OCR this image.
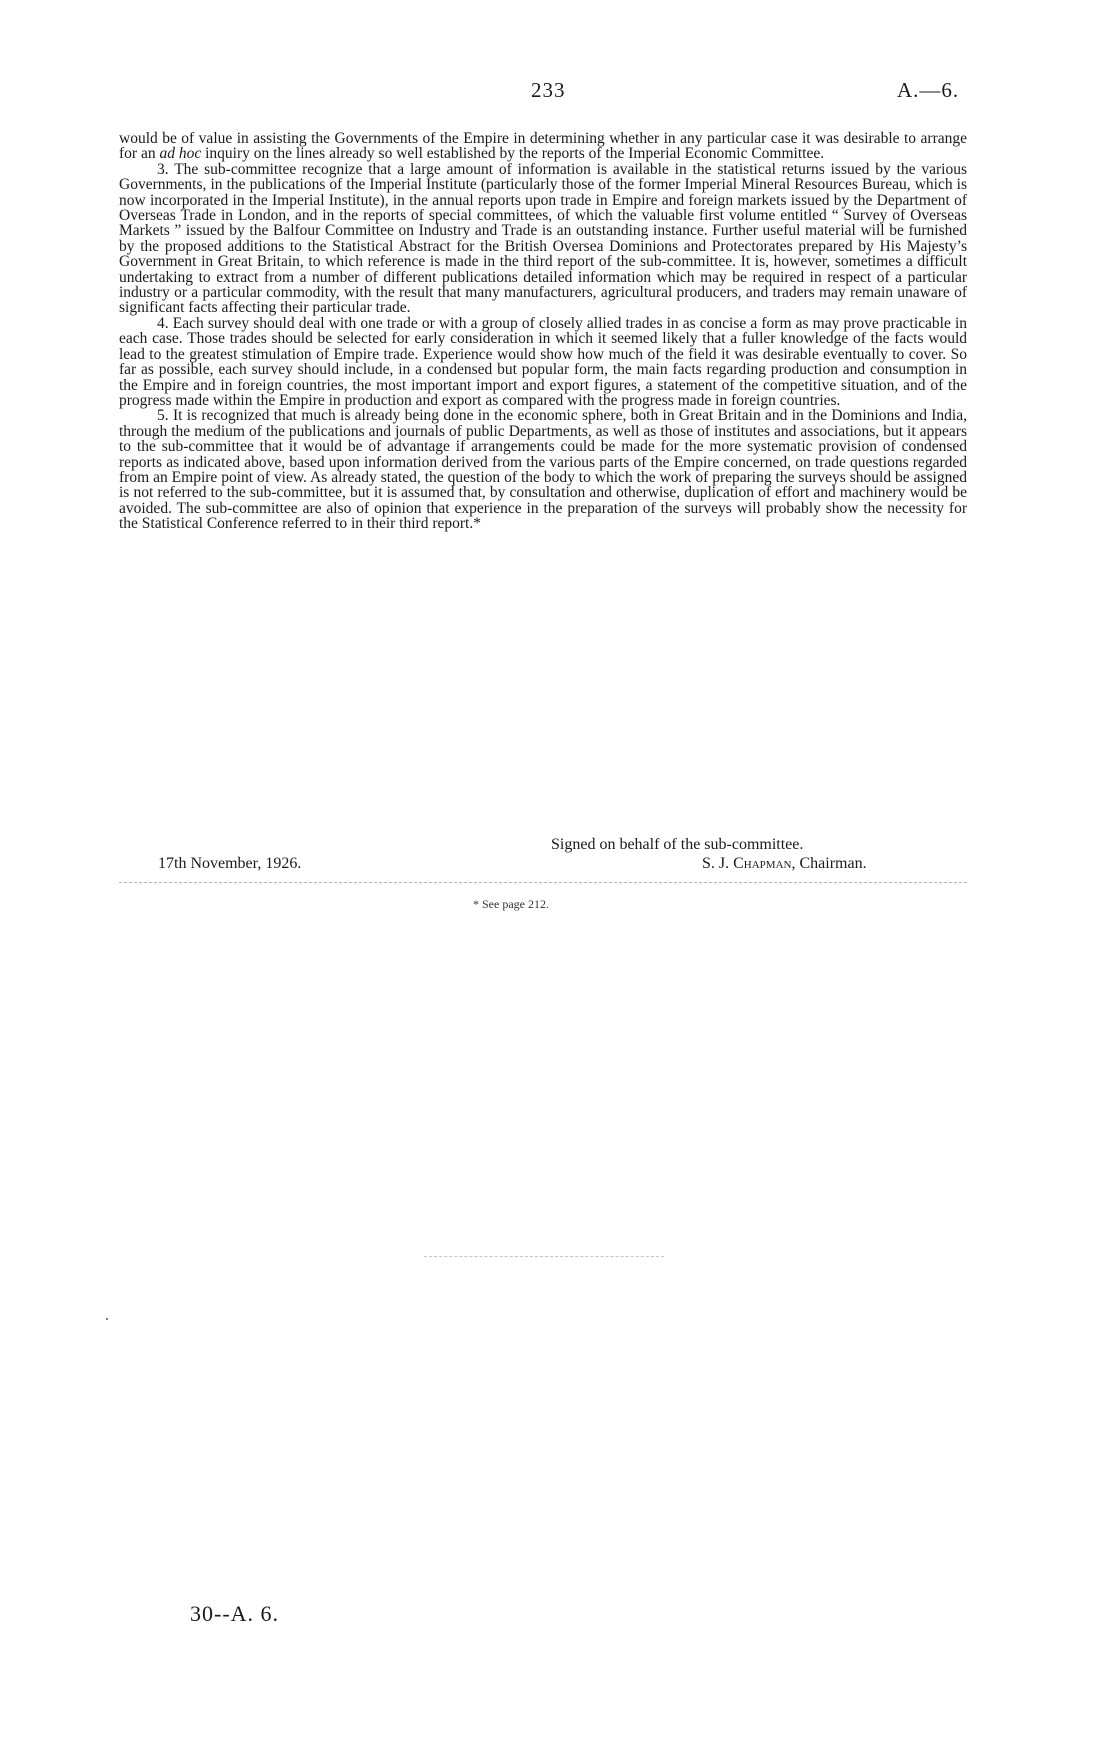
233	A.—6.

would be of value in assisting the Governments of the Empire in determining whether in any particular case it was desirable to arrange for an ad hoc inquiry on the lines already so well established by the reports of the Imperial Economic Committee.

3. The sub-committee recognize that a large amount of information is available in the statistical returns issued by the various Governments, in the publications of the Imperial Institute (particularly those of the former Imperial Mineral Resources Bureau, which is now incorporated in the Imperial Institute), in the annual reports upon trade in Empire and foreign markets issued by the Department of Overseas Trade in London, and in the reports of special committees, of which the valuable first volume entitled “ Survey of Overseas Markets ” issued by the Balfour Committee on Industry and Trade is an outstanding instance. Further useful material will be furnished by the proposed additions to the Statistical Abstract for the British Oversea Dominions and Protectorates prepared by His Majesty’s Government in Great Britain, to which reference is made in the third report of the sub-committee. It is, however, sometimes a difficult undertaking to extract from a number of different publications detailed information which may be required in respect of a particular industry or a particular commodity, with the result that many manufacturers, agricultural producers, and traders may remain unaware of significant facts affecting their particular trade.

4. Each survey should deal with one trade or with a group of closely allied trades in as concise a form as may prove practicable in each case. Those trades should be selected for early consideration in which it seemed likely that a fuller knowledge of the facts would lead to the greatest stimulation of Empire trade. Experience would show how much of the field it was desirable eventually to cover. So far as possible, each survey should include, in a condensed but popular form, the main facts regarding production and consumption in the Empire and in foreign countries, the most important import and export figures, a statement of the competitive situation, and of the progress made within the Empire in production and export as compared with the progress made in foreign countries.

5. It is recognized that much is already being done in the economic sphere, both in Great Britain and in the Dominions and India, through the medium of the publications and journals of public Departments, as well as those of institutes and associations, but it appears to the sub-committee that it would be of advantage if arrangements could be made for the more systematic provision of condensed reports as indicated above, based upon information derived from the various parts of the Empire concerned, on trade questions regarded from an Empire point of view. As already stated, the question of the body to which the work of preparing the surveys should be assigned is not referred to the sub-committee, but it is assumed that, by consultation and otherwise, duplication of effort and machinery would be avoided. The sub-committee are also of opinion that experience in the preparation of the surveys will probably show the necessity for the Statistical Conference referred to in their third report.*

Signed on behalf of the sub-committee.
17th November, 1926.	S. J. Chapman, Chairman.
* See page 212.
30--A. 6.
